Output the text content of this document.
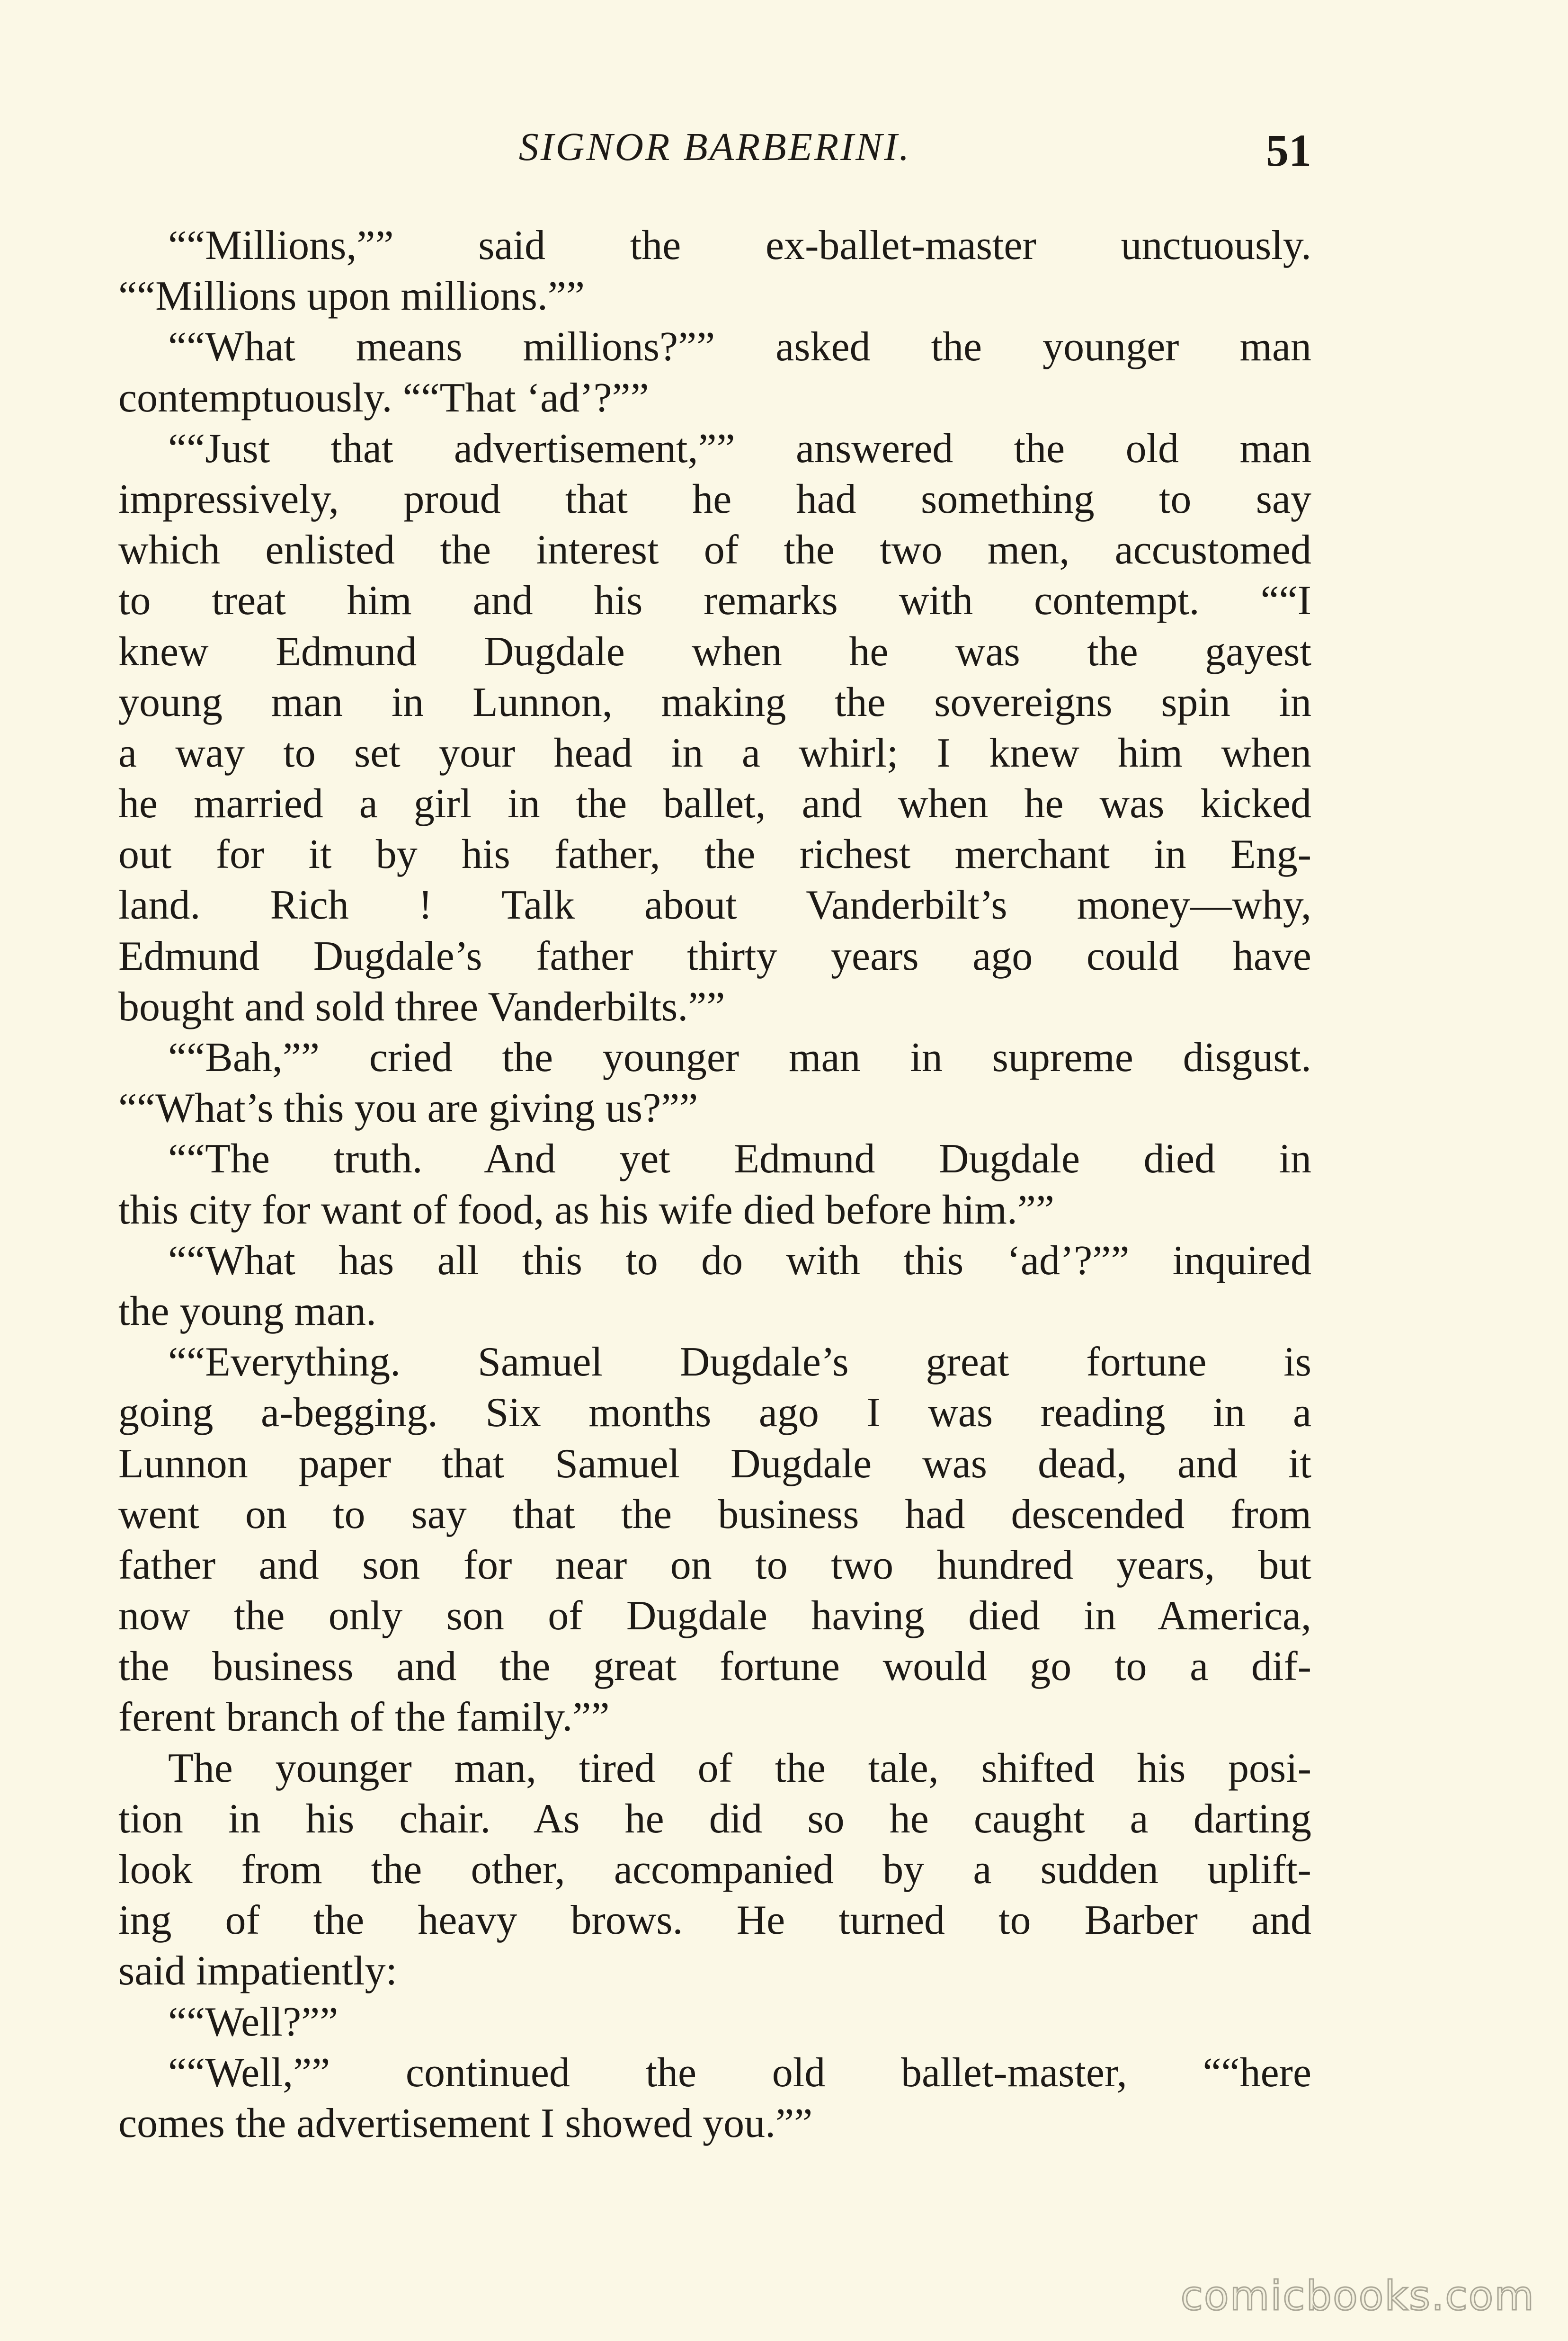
SIGNOR BARBERINI.	51
““Millions,”” said the ex-ballet-master unctuously.
““Millions upon millions.””
““What means millions?”” asked the younger man
contemptuously. ““That ‘ad’?””
““Just that advertisement,”” answered the old man
impressively, proud that he had something to say
which enlisted the interest of the two men, accustomed
to treat him and his remarks with contempt. ““I
knew Edmund Dugdale when he was the gayest
young man in Lunnon, making the sovereigns spin in
a way to set your head in a whirl; I knew him when
he married a girl in the ballet, and when he was kicked
out for it by his father, the richest merchant in Eng-
land. Rich ! Talk about Vanderbilt’s money—why,
Edmund Dugdale’s father thirty years ago could have
bought and sold three Vanderbilts.””
““Bah,”” cried the younger man in supreme disgust.
““What’s this you are giving us?””
““The truth. And yet Edmund Dugdale died in
this city for want of food, as his wife died before him.””
““What has all this to do with this ‘ad’?”” inquired
the young man.
““Everything. Samuel Dugdale’s great fortune is
going a-begging. Six months ago I was reading in a
Lunnon paper that Samuel Dugdale was dead, and it
went on to say that the business had descended from
father and son for near on to two hundred years, but
now the only son of Dugdale having died in America,
the business and the great fortune would go to a dif-
ferent branch of the family.””
The younger man, tired of the tale, shifted his posi-
tion in his chair. As he did so he caught a darting
look from the other, accompanied by a sudden uplift-
ing of the heavy brows. He turned to Barber and
said impatiently:
““Well?””
““Well,”” continued the old ballet-master, ““here
comes the advertisement I showed you.””
comicbooks.com
